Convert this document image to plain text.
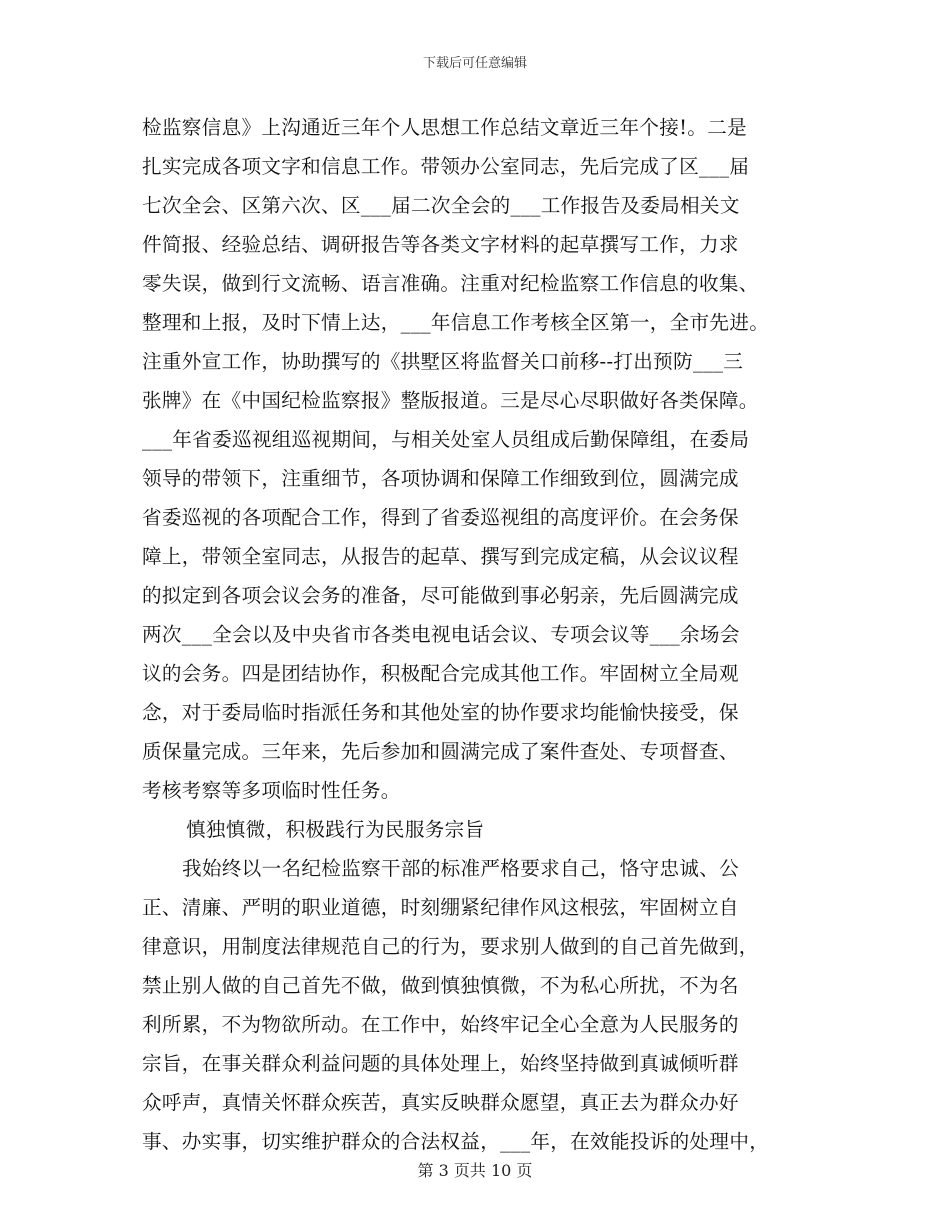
下载后可任意编辑

检监察信息》上沟通近三年个人思想工作总结文章近三年个接!。二是

扎实完成各项文字和信息工作。带领办公室同志，先后完成了区___届

七次全会、区第六次、区___届二次全会的___工作报告及委局相关文

件简报、经验总结、调研报告等各类文字材料的起草撰写工作，力求

零失误，做到行文流畅、语言准确。注重对纪检监察工作信息的收集、

整理和上报，及时下情上达，___年信息工作考核全区第一，全市先进。

注重外宣工作，协助撰写的《拱墅区将监督关口前移--打出预防___三

张牌》在《中国纪检监察报》整版报道。三是尽心尽职做好各类保障。

___年省委巡视组巡视期间，与相关处室人员组成后勤保障组，在委局

领导的带领下，注重细节，各项协调和保障工作细致到位，圆满完成

省委巡视的各项配合工作，得到了省委巡视组的高度评价。在会务保

障上，带领全室同志，从报告的起草、撰写到完成定稿，从会议议程

的拟定到各项会议会务的准备，尽可能做到事必躬亲，先后圆满完成

两次___全会以及中央省市各类电视电话会议、专项会议等___余场会

议的会务。四是团结协作，积极配合完成其他工作。牢固树立全局观

念，对于委局临时指派任务和其他处室的协作要求均能愉快接受，保

质保量完成。三年来，先后参加和圆满完成了案件查处、专项督查、

考核考察等多项临时性任务。

慎独慎微，积极践行为民服务宗旨

我始终以一名纪检监察干部的标准严格要求自己，恪守忠诚、公

正、清廉、严明的职业道德，时刻绷紧纪律作风这根弦，牢固树立自

律意识，用制度法律规范自己的行为，要求别人做到的自己首先做到，

禁止别人做的自己首先不做，做到慎独慎微，不为私心所扰，不为名

利所累，不为物欲所动。在工作中，始终牢记全心全意为人民服务的

宗旨，在事关群众利益问题的具体处理上，始终坚持做到真诚倾听群

众呼声，真情关怀群众疾苦，真实反映群众愿望，真正去为群众办好

事、办实事，切实维护群众的合法权益，___年，在效能投诉的处理中，

第 3 页共 10 页
